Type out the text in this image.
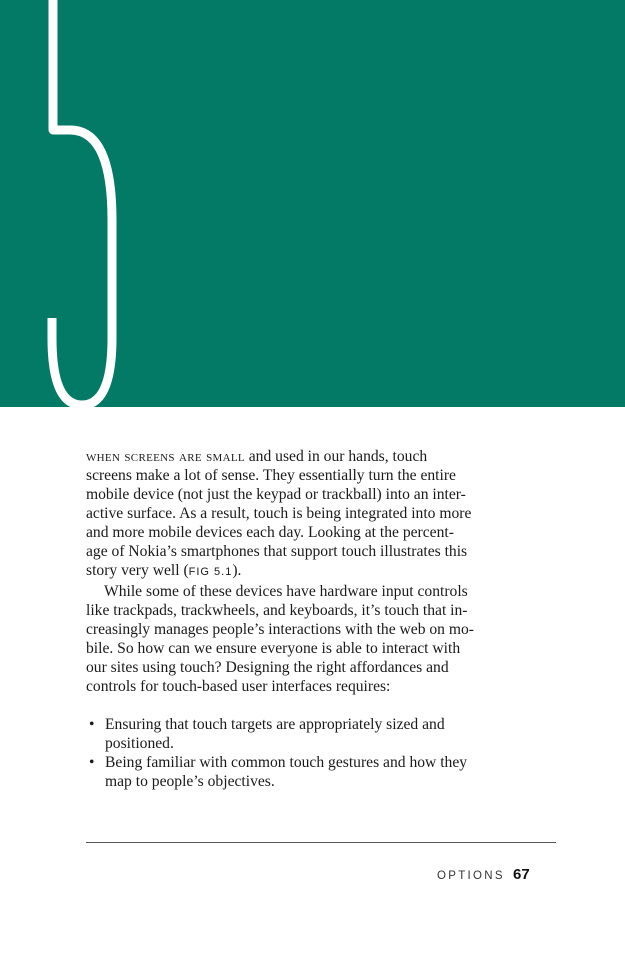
when screens are small and used in our hands, touch
screens make a lot of sense. They essentially turn the entire
mobile device (not just the keypad or trackball) into an inter-
active surface. As a result, touch is being integrated into more
and more mobile devices each day. Looking at the percent-
age of Nokia’s smartphones that support touch illustrates this
story very well (FIG 5.1).

While some of these devices have hardware input controls
like trackpads, trackwheels, and keyboards, it’s touch that in-
creasingly manages people’s interactions with the web on mo-
bile. So how can we ensure everyone is able to interact with
our sites using touch? Designing the right affordances and
controls for touch-based user interfaces requires:

• Ensuring that touch targets are appropriately sized and
positioned.
• Being familiar with common touch gestures and how they
map to people’s objectives.
OPTIONS 67
